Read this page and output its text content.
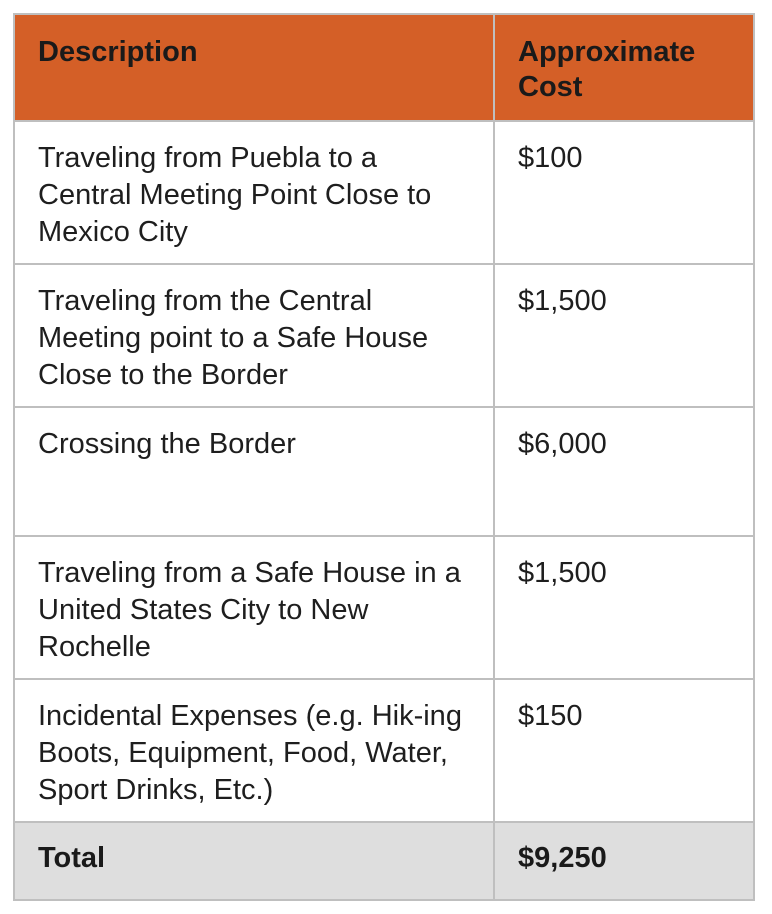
Description	Approximate Cost
Traveling from Puebla to a Central Meeting Point Close to Mexico City	$100
Traveling from the Central Meeting point to a Safe House Close to the Border	$1,500
Crossing the Border	$6,000
Traveling from a Safe House in a United States City to New Rochelle	$1,500
Incidental Expenses (e.g. Hik-ing Boots, Equipment, Food, Water, Sport Drinks, Etc.)	$150
Total	$9,250
